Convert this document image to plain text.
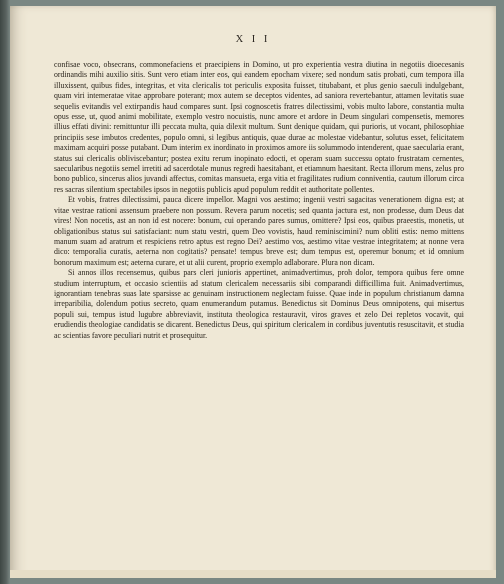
X I I

confisae voco, obsecrans, commonefaciens et praecipiens in Domino, ut pro experientia vestra diutina in negotiis dioecesanis ordinandis mihi auxilio sitis. Sunt vero etiam inter eos, qui eandem epocham vixere; sed nondum satis probati, cum tempora illa illuxissent, quibus fides, integritas, et vita clericalis tot periculis exposita fuisset, titubabant, et plus genio saeculi indulgebant, quam viri intemeratae vitae approbare poterant; mox autem se deceptos videntes, ad saniora revertebantur, attamen levitatis suae sequelis evitandis vel extirpandis haud compares sunt. Ipsi cognoscetis fratres dilectissimi, vobis multo labore, constantia multa opus esse, ut, quod animi mobilitate, exemplo vestro nocuistis, nunc amore et ardore in Deum singulari compensetis, memores illius effati divini: remittuntur illi peccata multa, quia dilexit multum. Sunt denique quidam, qui purioris, ut vocant, philosophiae principiis sese imbutos credentes, populo omni, si legibus antiquis, quae durae ac molestae videbantur, solutus esset, felicitatem maximam acquiri posse putabant. Dum interim ex inordinato in proximos amore iis solummodo intenderent, quae saecularia erant, status sui clericalis obliviscebantur; postea exitu rerum inopinato edocti, et operam suam successu optato frustratam cernentes, saecularibus negotiis semel irretiti ad sacerdotale munus regredi haesitabant, et etiamnum haesitant. Recta illorum mens, zelus pro bono publico, sincerus alios juvandi affectus, comitas mansueta, erga vitia et fragilitates rudium conniventia, cautum illorum circa res sacras silentium spectabiles ipsos in negotiis publicis apud populum reddit et authoritate pollentes.

Et vobis, fratres dilectissimi, pauca dicere impellor. Magni vos aestimo; ingenii vestri sagacitas venerationem digna est; at vitae vestrae rationi assensum praebere non possum. Revera parum nocetis; sed quanta jactura est, non prodesse, dum Deus dat vires! Non nocetis, ast an non id est nocere: bonum, cui operando pares sumus, omittere? Ipsi eos, quibus praeestis, monetis, ut obligationibus status sui satisfaciant: num statu vestri, quem Deo vovistis, haud reminiscimini? num obliti estis: nemo mittens manum suam ad aratrum et respiciens retro aptus est regno Dei? aestimo vos, aestimo vitae vestrae integritatem; at nonne vera dico: temporalia curatis, aeterna non cogitatis? pensate! tempus breve est; dum tempus est, operemur bonum; et id omnium bonorum maximum est; aeterna curare, et ut alii curent, proprio exemplo adlaborare. Plura non dicam.

Si annos illos recensemus, quibus pars cleri junioris appertinet, animadvertimus, proh dolor, tempora quibus fere omne studium interruptum, et occasio scientiis ad statum clericalem necessariis sibi comparandi difficillima fuit. Animadvertimus, ignorantiam tenebras suas late sparsisse ac genuinam instructionem neglectam fuisse. Quae inde in populum christianum damna irreparibilia, dolendum potius secreto, quam enumerandum putamus. Benedictus sit Dominus Deus omnipotens, qui misertus populi sui, tempus istud lugubre abbreviavit, instituta theologica restauravit, viros graves et zelo Dei repletos vocavit, qui erudiendis theologiae candidatis se dicarent. Benedictus Deus, qui spiritum clericalem in cordibus juventutis resuscitavit, et studia ac scientias favore peculiari nutrit et prosequitur.
